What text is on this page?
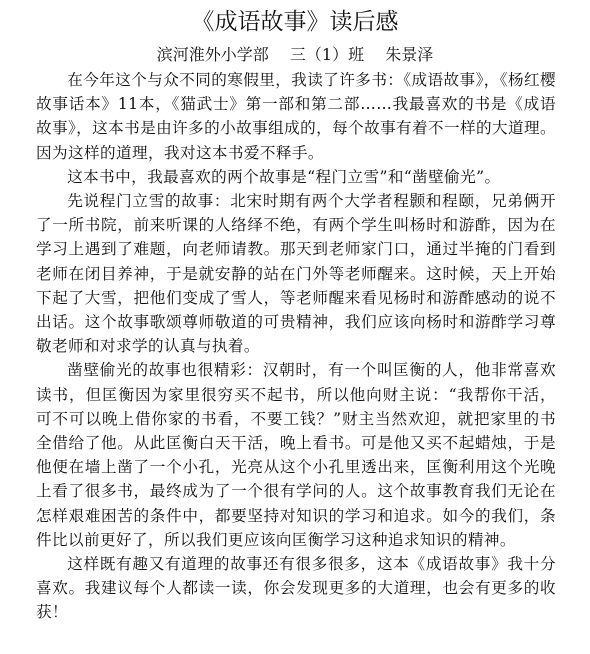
《成语故事》读后感
滨河淮外小学部 三（1）班 朱景泽

在今年这个与众不同的寒假里，我读了许多书：《成语故事》，《杨红樱故事话本》11本，《猫武士》第一部和第二部……我最喜欢的书是《成语故事》，这本书是由许多的小故事组成的，每个故事有着不一样的大道理。因为这样的道理，我对这本书爱不释手。

这本书中，我最喜欢的两个故事是“程门立雪”和“凿壁偷光”。

先说程门立雪的故事：北宋时期有两个大学者程颢和程颐，兄弟俩开了一所书院，前来听课的人络绎不绝，有两个学生叫杨时和游酢，因为在学习上遇到了难题，向老师请教。那天到老师家门口，通过半掩的门看到老师在闭目养神，于是就安静的站在门外等老师醒来。这时候，天上开始下起了大雪，把他们变成了雪人，等老师醒来看见杨时和游酢感动的说不出话。这个故事歌颂尊师敬道的可贵精神，我们应该向杨时和游酢学习尊敬老师和对求学的认真与执着。

凿壁偷光的故事也很精彩：汉朝时，有一个叫匡衡的人，他非常喜欢读书，但匡衡因为家里很穷买不起书，所以他向财主说：“我帮你干活，可不可以晚上借你家的书看，不要工钱？”财主当然欢迎，就把家里的书全借给了他。从此匡衡白天干活，晚上看书。可是他又买不起蜡烛，于是他便在墙上凿了一个小孔，光亮从这个小孔里透出来，匡衡利用这个光晚上看了很多书，最终成为了一个很有学问的人。这个故事教育我们无论在怎样艰难困苦的条件中，都要坚持对知识的学习和追求。如今的我们，条件比以前更好了，所以我们更应该向匡衡学习这种追求知识的精神。

这样既有趣又有道理的故事还有很多很多，这本《成语故事》我十分喜欢。我建议每个人都读一读，你会发现更多的大道理，也会有更多的收获！
